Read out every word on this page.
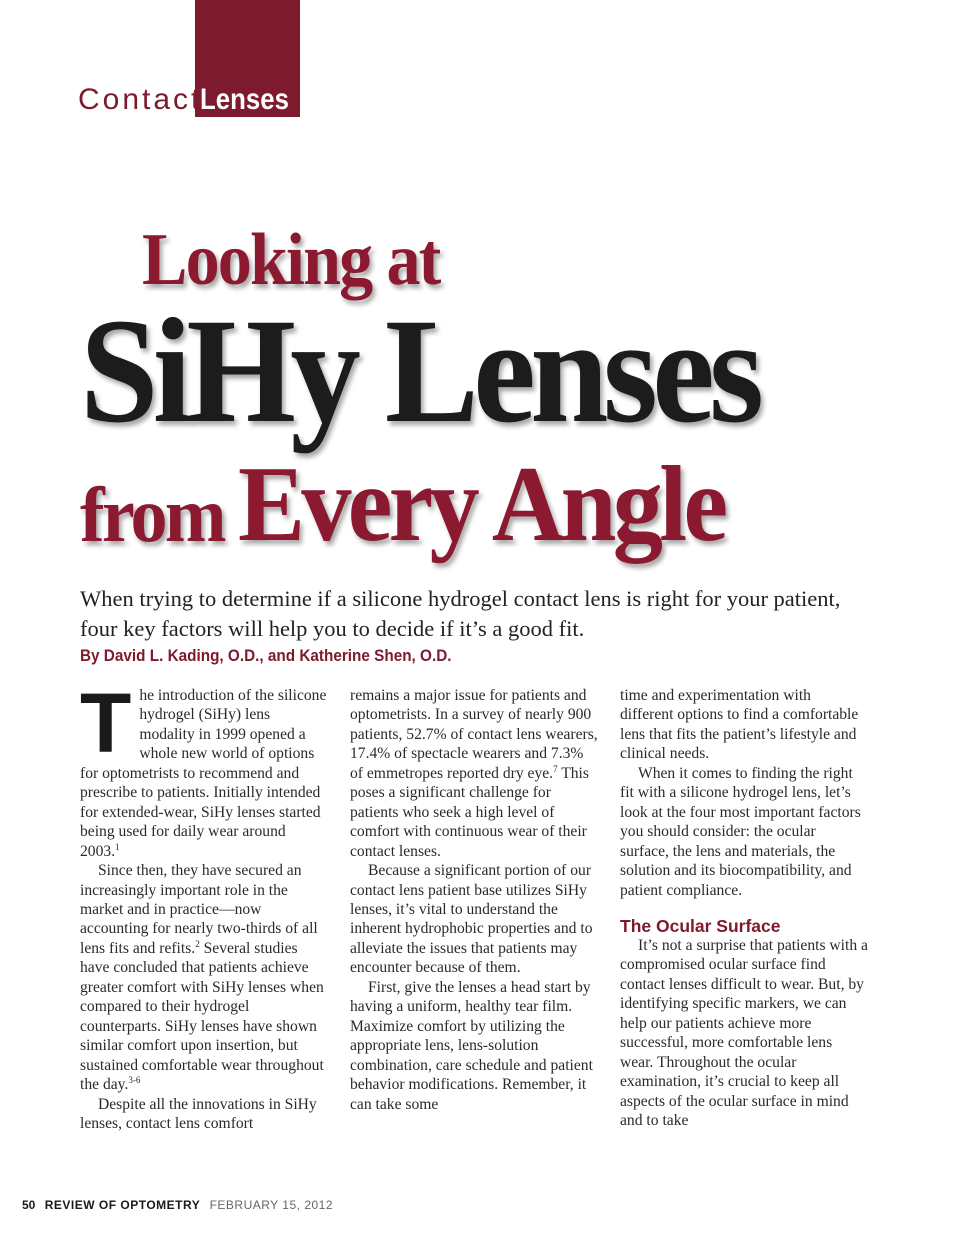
Contact
Lenses
Looking at
SiHy Lenses
from Every Angle
When trying to determine if a silicone hydrogel contact lens is right for your patient, four key factors will help you to decide if it’s a good fit.
By David L. Kading, O.D., and Katherine Shen, O.D.

The introduction of the silicone hydrogel (SiHy) lens modality in 1999 opened a whole new world of options for optometrists to recommend and prescribe to patients. Initially intended for extended-wear, SiHy lenses started being used for daily wear around 2003.$^1$

Since then, they have secured an increasingly important role in the market and in practice—now accounting for nearly two-thirds of all lens fits and refits.$^2$ Several studies have concluded that patients achieve greater comfort with SiHy lenses when compared to their hydrogel counterparts. SiHy lenses have shown similar comfort upon insertion, but sustained comfortable wear throughout the day.$^{3-6}$

Despite all the innovations in SiHy lenses, contact lens comfort

remains a major issue for patients and optometrists. In a survey of nearly 900 patients, 52.7% of contact lens wearers, 17.4% of spectacle wearers and 7.3% of emmetropes reported dry eye.$^7$ This poses a significant challenge for patients who seek a high level of comfort with continuous wear of their contact lenses.

Because a significant portion of our contact lens patient base utilizes SiHy lenses, it’s vital to understand the inherent hydrophobic properties and to alleviate the issues that patients may encounter because of them.

First, give the lenses a head start by having a uniform, healthy tear film. Maximize comfort by utilizing the appropriate lens, lens-solution combination, care schedule and patient behavior modifications. Remember, it can take some

time and experimentation with different options to find a comfortable lens that fits the patient’s lifestyle and clinical needs.

When it comes to finding the right fit with a silicone hydrogel lens, let’s look at the four most important factors you should consider: the ocular surface, the lens and materials, the solution and its biocompatibility, and patient compliance.

The Ocular Surface

It’s not a surprise that patients with a compromised ocular surface find contact lenses difficult to wear. But, by identifying specific markers, we can help our patients achieve more successful, more comfortable lens wear. Throughout the ocular examination, it’s crucial to keep all aspects of the ocular surface in mind and to take

50 REVIEW OF OPTOMETRY FEBRUARY 15, 2012
